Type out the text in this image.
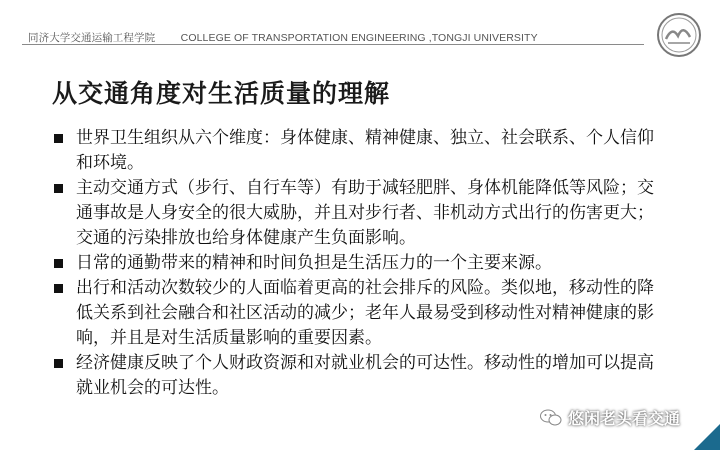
同济大学交通运输工程学院 COLLEGE OF TRANSPORTATION ENGINEERING ,TONGJI UNIVERSITY
从交通角度对生活质量的理解
世界卫生组织从六个维度：身体健康、精神健康、独立、社会联系、个人信仰和环境。
主动交通方式（步行、自行车等）有助于减轻肥胖、身体机能降低等风险；交通事故是人身安全的很大威胁，并且对步行者、非机动方式出行的伤害更大；交通的污染排放也给身体健康产生负面影响。
日常的通勤带来的精神和时间负担是生活压力的一个主要来源。
出行和活动次数较少的人面临着更高的社会排斥的风险。类似地，移动性的降低关系到社会融合和社区活动的减少；老年人最易受到移动性对精神健康的影响，并且是对生活质量影响的重要因素。
经济健康反映了个人财政资源和对就业机会的可达性。移动性的增加可以提高就业机会的可达性。
悠闲老头看交通
